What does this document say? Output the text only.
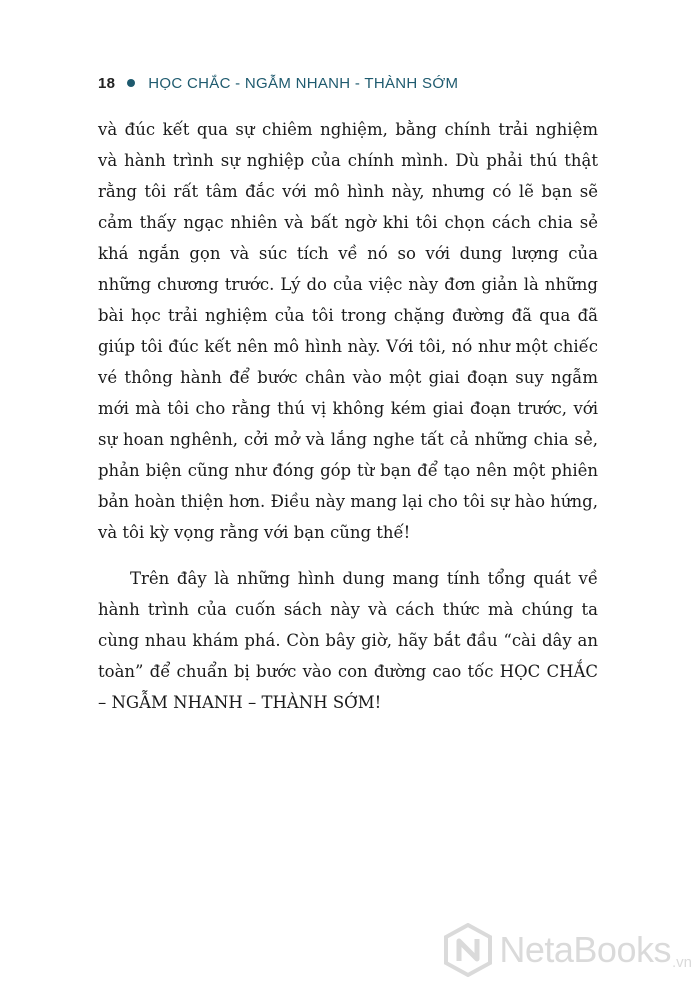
18 HỌC CHẮC - NGẪM NHANH - THÀNH SỚM

và đúc kết qua sự chiêm nghiệm, bằng chính trải nghiệm và hành trình sự nghiệp của chính mình. Dù phải thú thật rằng tôi rất tâm đắc với mô hình này, nhưng có lẽ bạn sẽ cảm thấy ngạc nhiên và bất ngờ khi tôi chọn cách chia sẻ khá ngắn gọn và súc tích về nó so với dung lượng của những chương trước. Lý do của việc này đơn giản là những bài học trải nghiệm của tôi trong chặng đường đã qua đã giúp tôi đúc kết nên mô hình này. Với tôi, nó như một chiếc vé thông hành để bước chân vào một giai đoạn suy ngẫm mới mà tôi cho rằng thú vị không kém giai đoạn trước, với sự hoan nghênh, cởi mở và lắng nghe tất cả những chia sẻ, phản biện cũng như đóng góp từ bạn để tạo nên một phiên bản hoàn thiện hơn. Điều này mang lại cho tôi sự hào hứng, và tôi kỳ vọng rằng với bạn cũng thế!

Trên đây là những hình dung mang tính tổng quát về hành trình của cuốn sách này và cách thức mà chúng ta cùng nhau khám phá. Còn bây giờ, hãy bắt đầu “cài dây an toàn” để chuẩn bị bước vào con đường cao tốc HỌC CHẮC – NGẪM NHANH – THÀNH SỚM!

NetaBooks .vn
